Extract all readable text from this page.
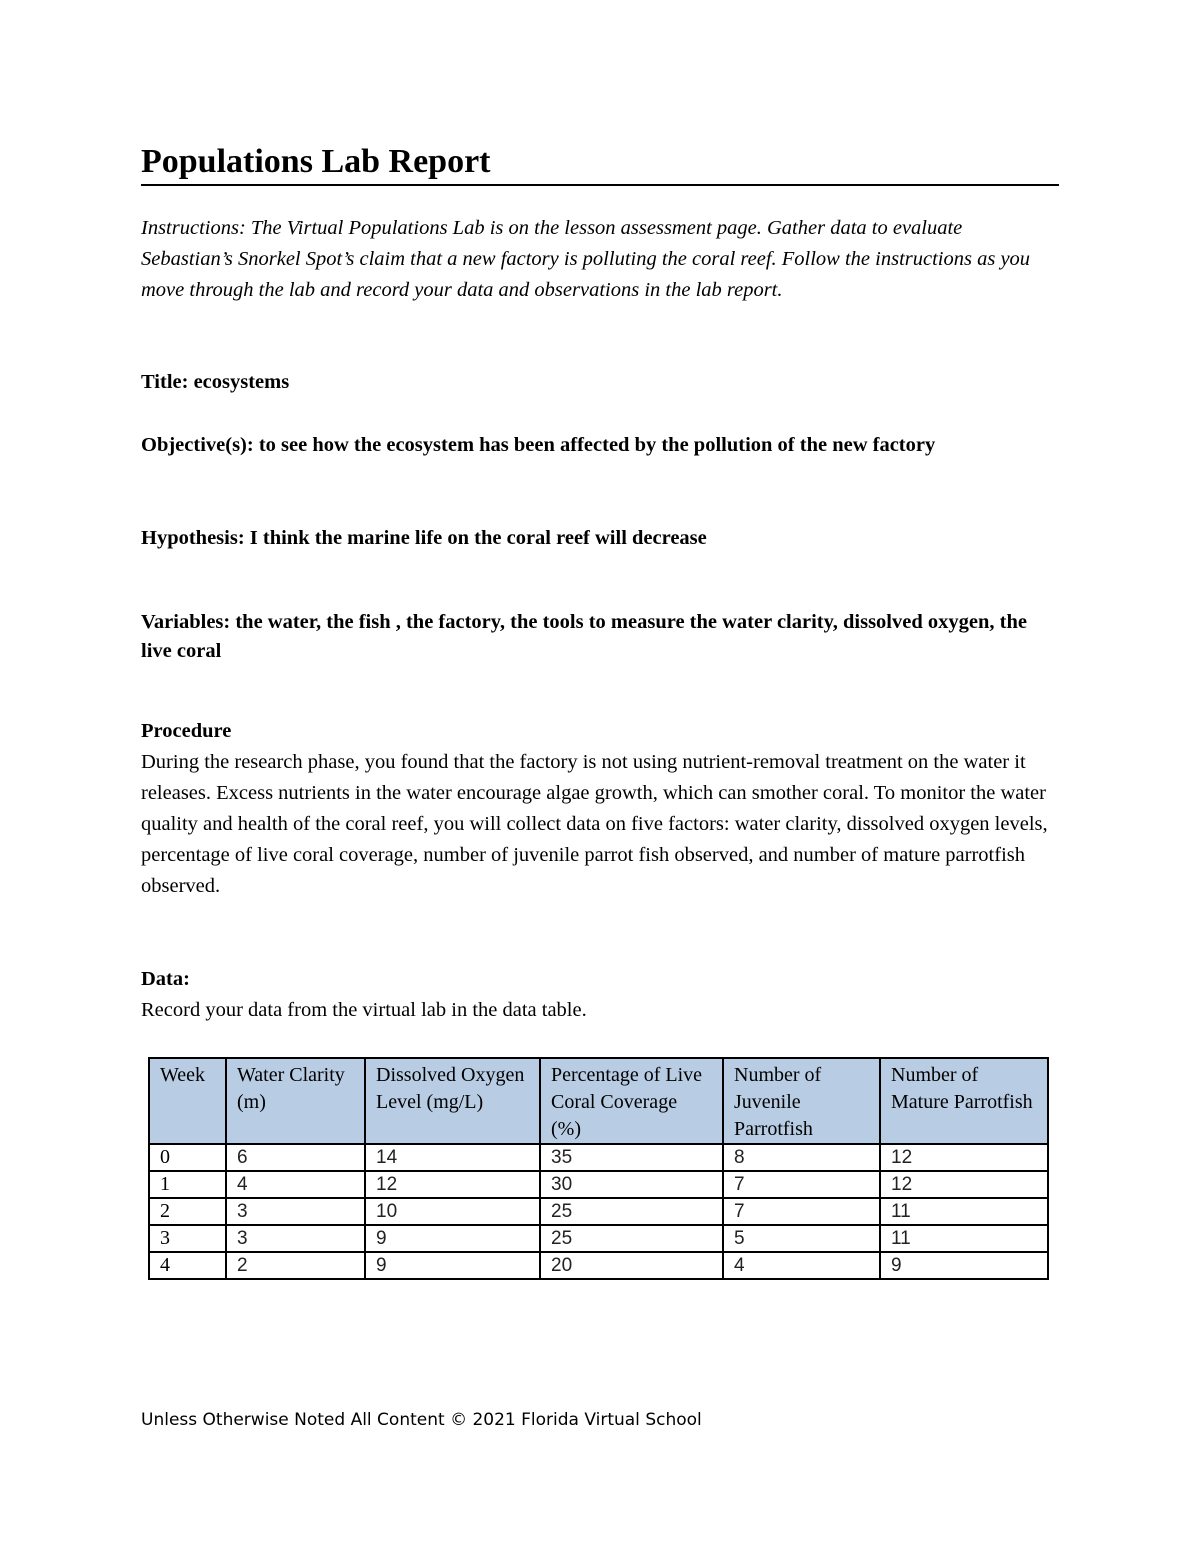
Populations Lab Report

Instructions: The Virtual Populations Lab is on the lesson assessment page. Gather data to evaluate Sebastian’s Snorkel Spot’s claim that a new factory is polluting the coral reef. Follow the instructions as you move through the lab and record your data and observations in the lab report.

Title: ecosystems

Objective(s): to see how the ecosystem has been affected by the pollution of the new factory

Hypothesis: I think the marine life on the coral reef will decrease

Variables: the water, the fish , the factory, the tools to measure the water clarity, dissolved oxygen, the live coral

Procedure

During the research phase, you found that the factory is not using nutrient-removal treatment on the water it releases. Excess nutrients in the water encourage algae growth, which can smother coral. To monitor the water quality and health of the coral reef, you will collect data on five factors: water clarity, dissolved oxygen levels, percentage of live coral coverage, number of juvenile parrot fish observed, and number of mature parrotfish observed.

Data:

Record your data from the virtual lab in the data table.

Week	Water Clarity (m)	Dissolved Oxygen Level (mg/L)	Percentage of Live Coral Coverage (%)	Number of Juvenile Parrotfish	Number of Mature Parrotfish
0	6	14	35	8	12
1	4	12	30	7	12
2	3	10	25	7	11
3	3	9	25	5	11
4	2	9	20	4	9

Unless Otherwise Noted All Content © 2021 Florida Virtual School
